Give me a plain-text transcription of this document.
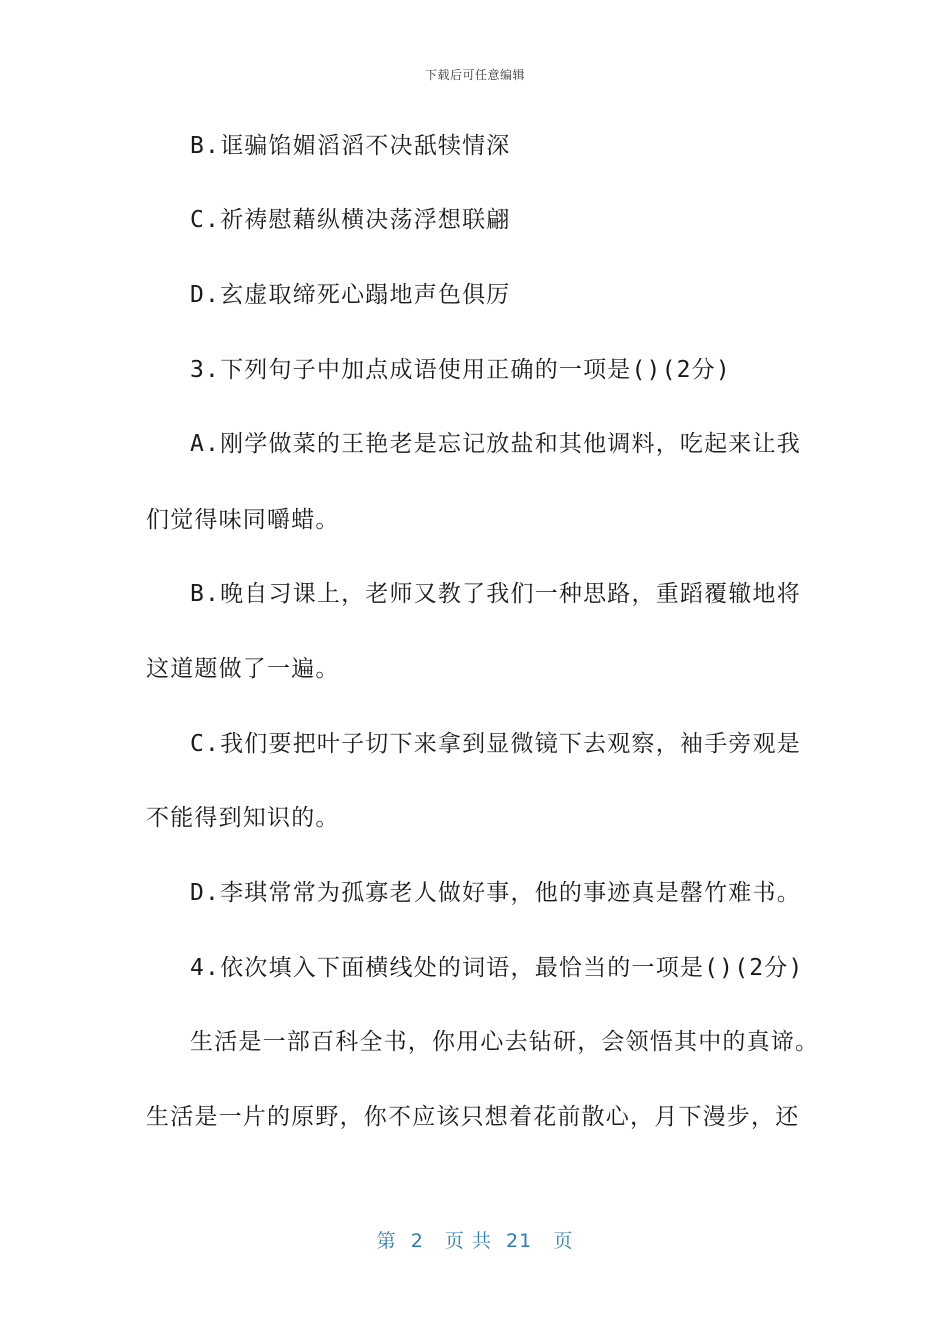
下载后可任意编辑
B.诓骗馅媚滔滔不决舐犊情深
C.祈祷慰藉纵横决荡浮想联翩
D.玄虚取缔死心蹋地声色俱厉
3.下列句子中加点成语使用正确的一项是()(2分)
A.刚学做菜的王艳老是忘记放盐和其他调料，吃起来让我
们觉得味同嚼蜡。
B.晚自习课上，老师又教了我们一种思路，重蹈覆辙地将
这道题做了一遍。
C.我们要把叶子切下来拿到显微镜下去观察，袖手旁观是
不能得到知识的。
D.李琪常常为孤寡老人做好事，他的事迹真是罄竹难书。
4.依次填入下面横线处的词语，最恰当的一项是()(2分)
生活是一部百科全书，你用心去钻研，会领悟其中的真谛。
生活是一片的原野，你不应该只想着花前散心，月下漫步，还
第  2   页 共  21   页
